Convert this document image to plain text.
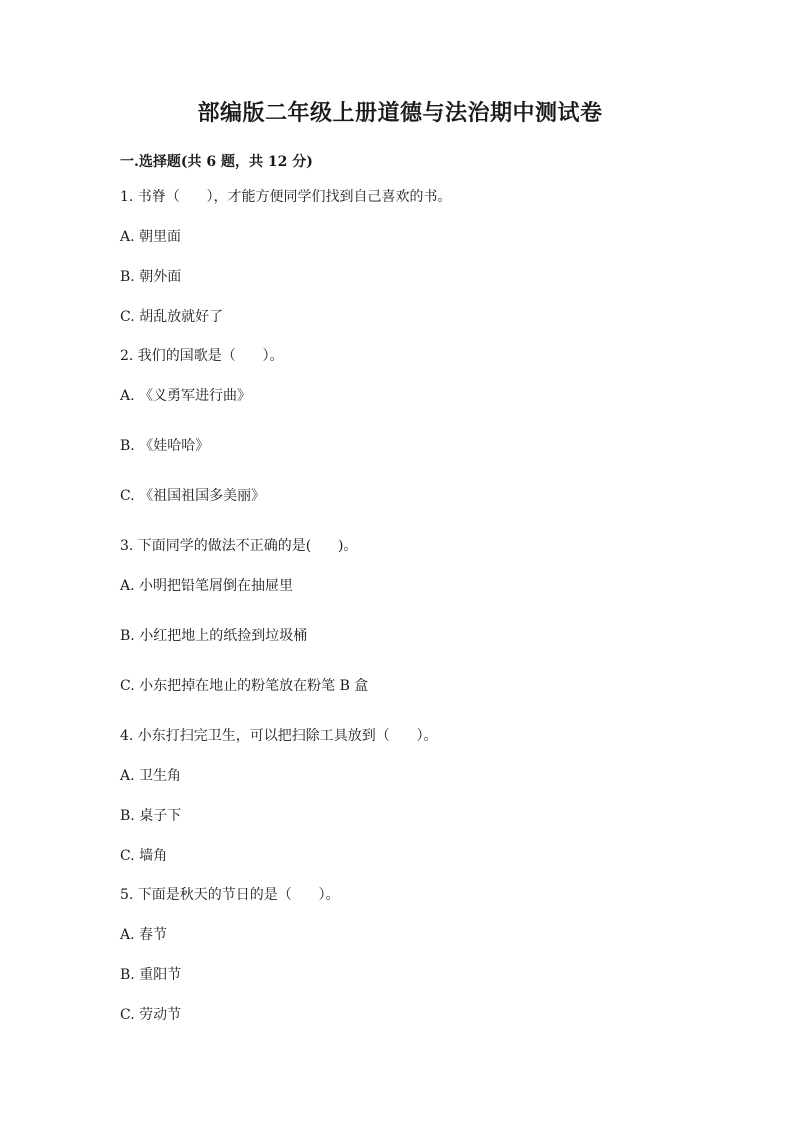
部编版二年级上册道德与法治期中测试卷
一.选择题(共 6 题，共 12 分)
1. 书脊（      ），才能方便同学们找到自己喜欢的书。
A. 朝里面
B. 朝外面
C. 胡乱放就好了
2. 我们的国歌是（      ）。
A. 《义勇军进行曲》
B. 《娃哈哈》
C. 《祖国祖国多美丽》
3. 下面同学的做法不正确的是(      )。
A. 小明把铅笔屑倒在抽屉里
B. 小红把地上的纸捡到垃圾桶
C. 小东把掉在地止的粉笔放在粉笔 B 盒
4. 小东打扫完卫生，可以把扫除工具放到（      ）。
A. 卫生角
B. 桌子下
C. 墙角
5. 下面是秋天的节日的是（      ）。
A. 春节
B. 重阳节
C. 劳动节
